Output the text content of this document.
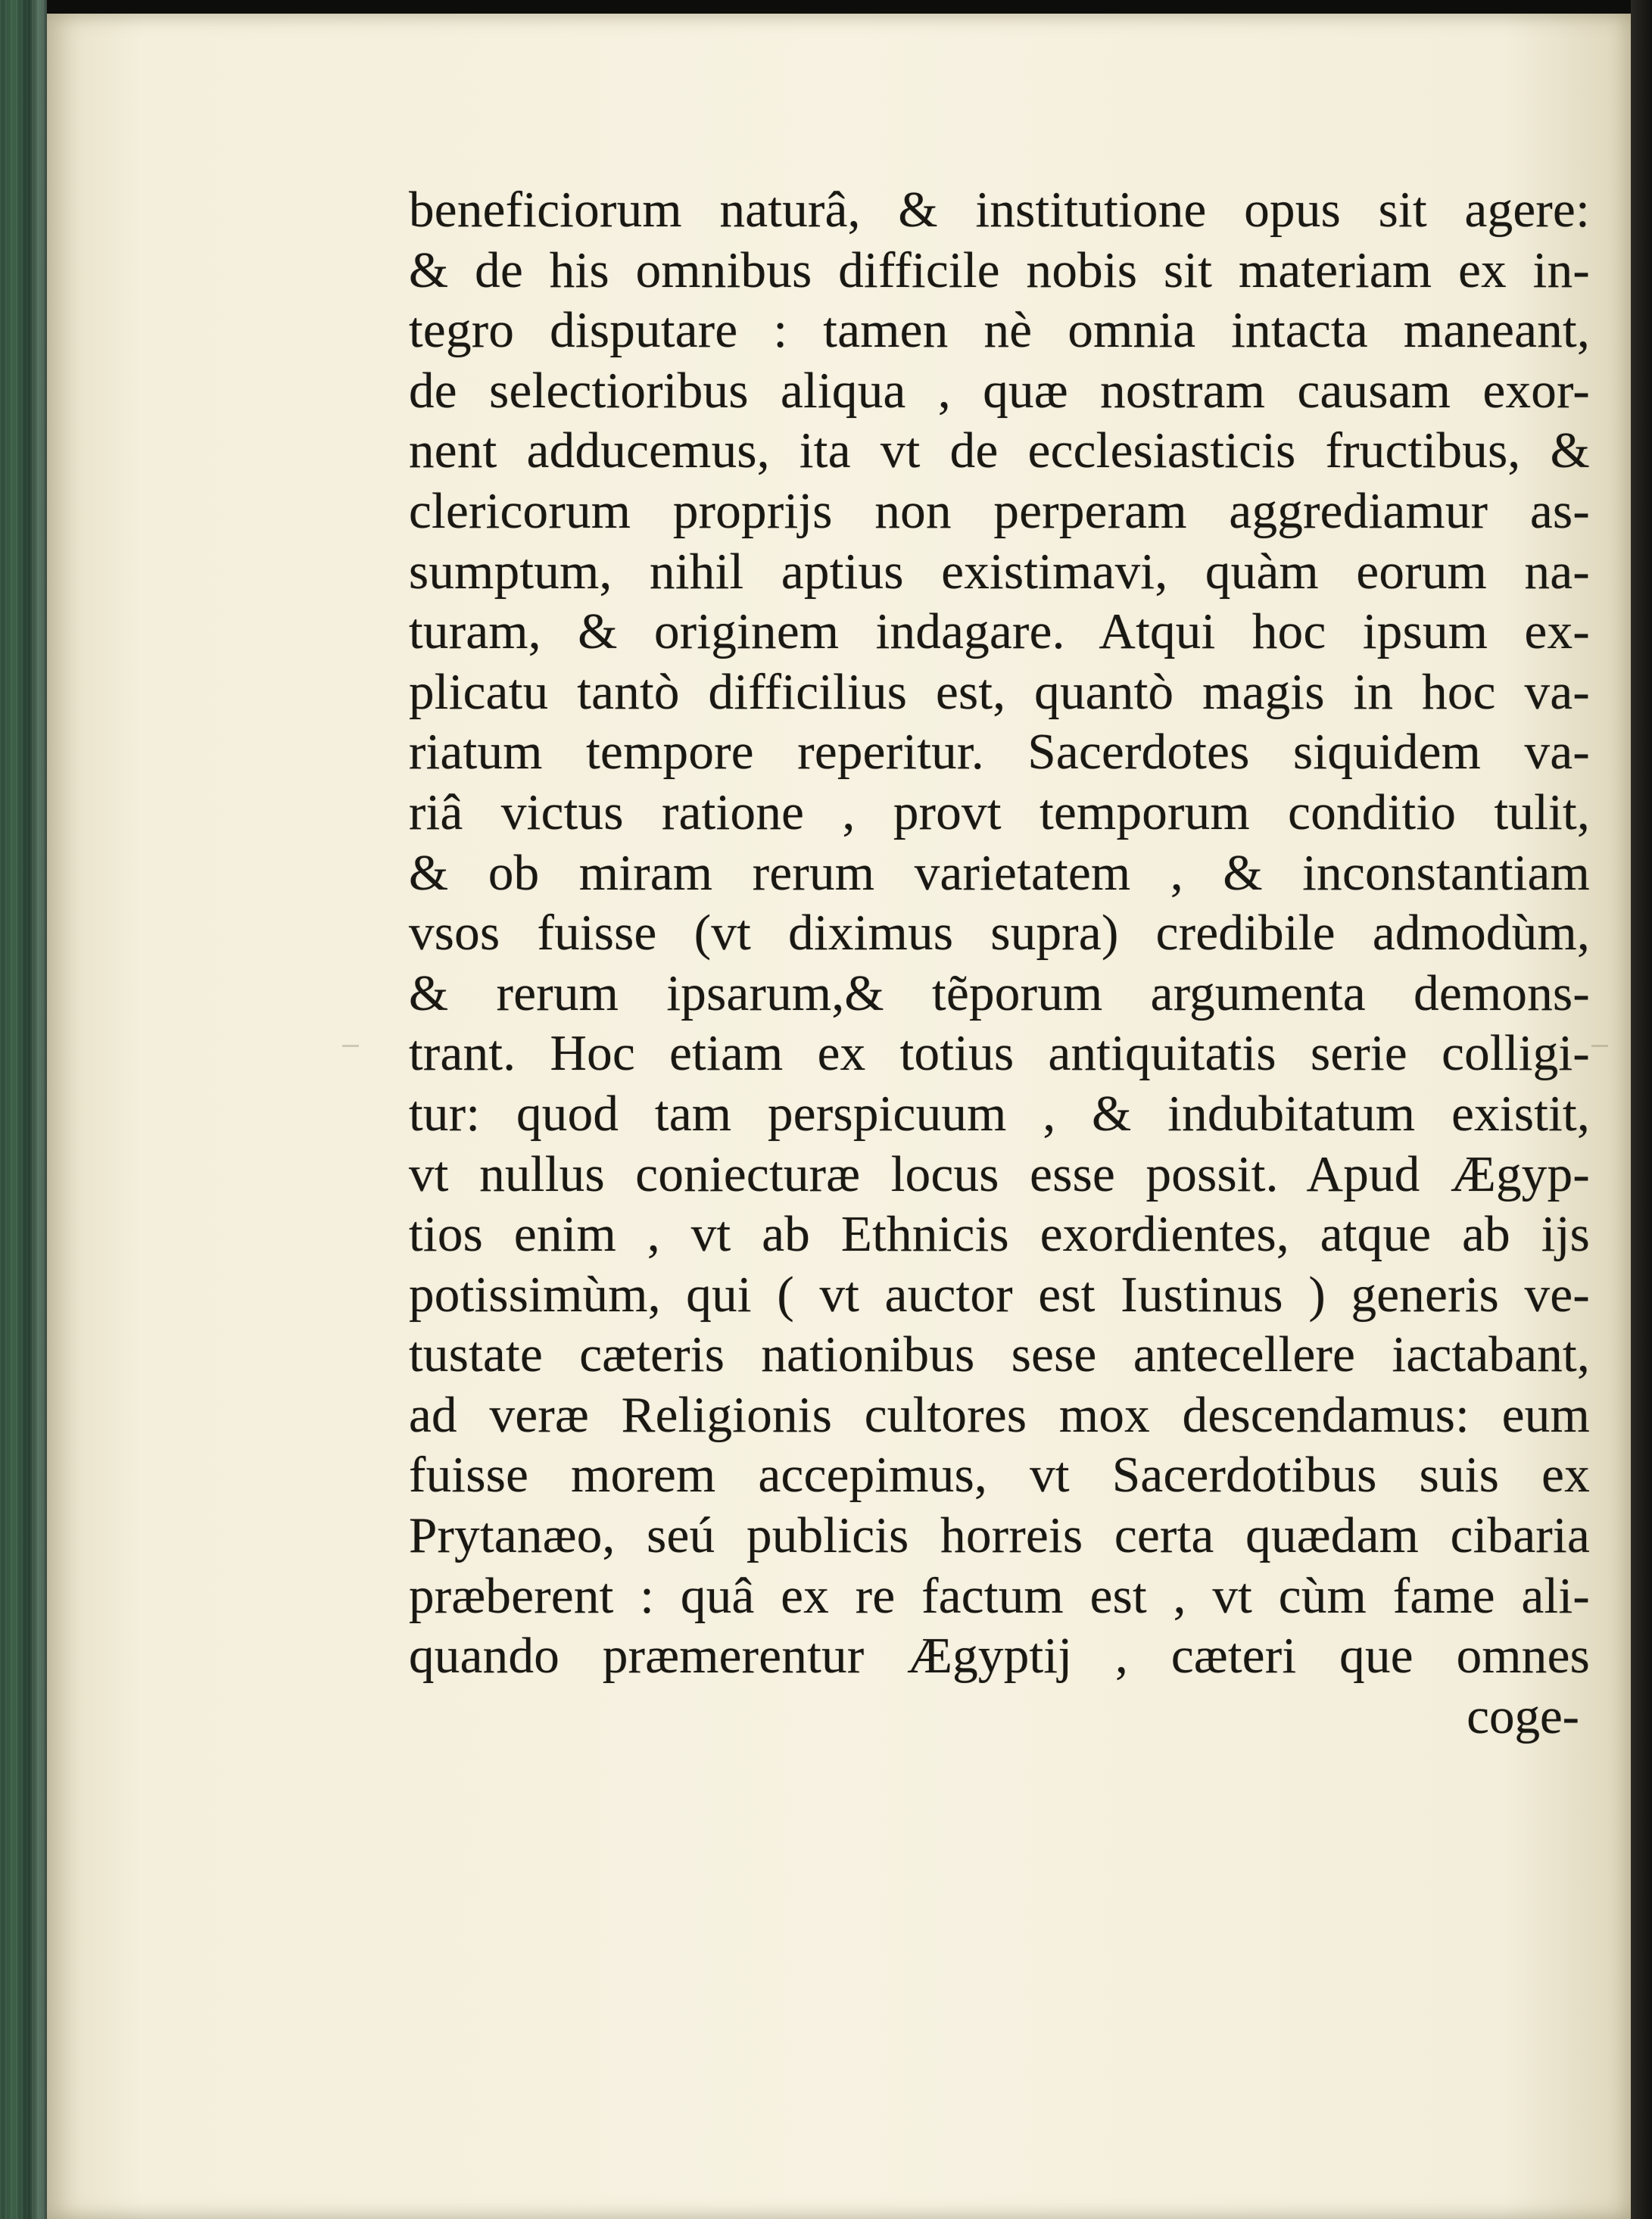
beneficiorum naturâ, & institutione opus sit agere:
& de his omnibus difficile nobis sit materiam ex in-
tegro disputare : tamen nè omnia intacta maneant,
de selectioribus aliqua , quæ nostram causam exor-
nent adducemus, ita vt de ecclesiasticis fructibus, &
clericorum proprijs non perperam aggrediamur as-
sumptum, nihil aptius existimavi, quàm eorum na-
turam, & originem indagare. Atqui hoc ipsum ex-
plicatu tantò difficilius est, quantò magis in hoc va-
riatum tempore reperitur. Sacerdotes siquidem va-
riâ victus ratione , provt temporum conditio tulit,
& ob miram rerum varietatem , & inconstantiam
vsos fuisse (vt diximus supra) credibile admodùm,
& rerum ipsarum,& tẽporum argumenta demons-
trant. Hoc etiam ex totius antiquitatis serie colligi-
tur: quod tam perspicuum , & indubitatum existit,
vt nullus coniecturæ locus esse possit. Apud Ægyp-
tios enim , vt ab Ethnicis exordientes, atque ab ijs
potissimùm, qui ( vt auctor est Iustinus ) generis ve-
tustate cæteris nationibus sese antecellere iactabant,
ad veræ Religionis cultores mox descendamus: eum
fuisse morem accepimus, vt Sacerdotibus suis ex
Prytanæo, seú publicis horreis certa quædam cibaria
præberent : quâ ex re factum est , vt cùm fame ali-
quando præmerentur Ægyptij , cæteri que omnes
coge-
